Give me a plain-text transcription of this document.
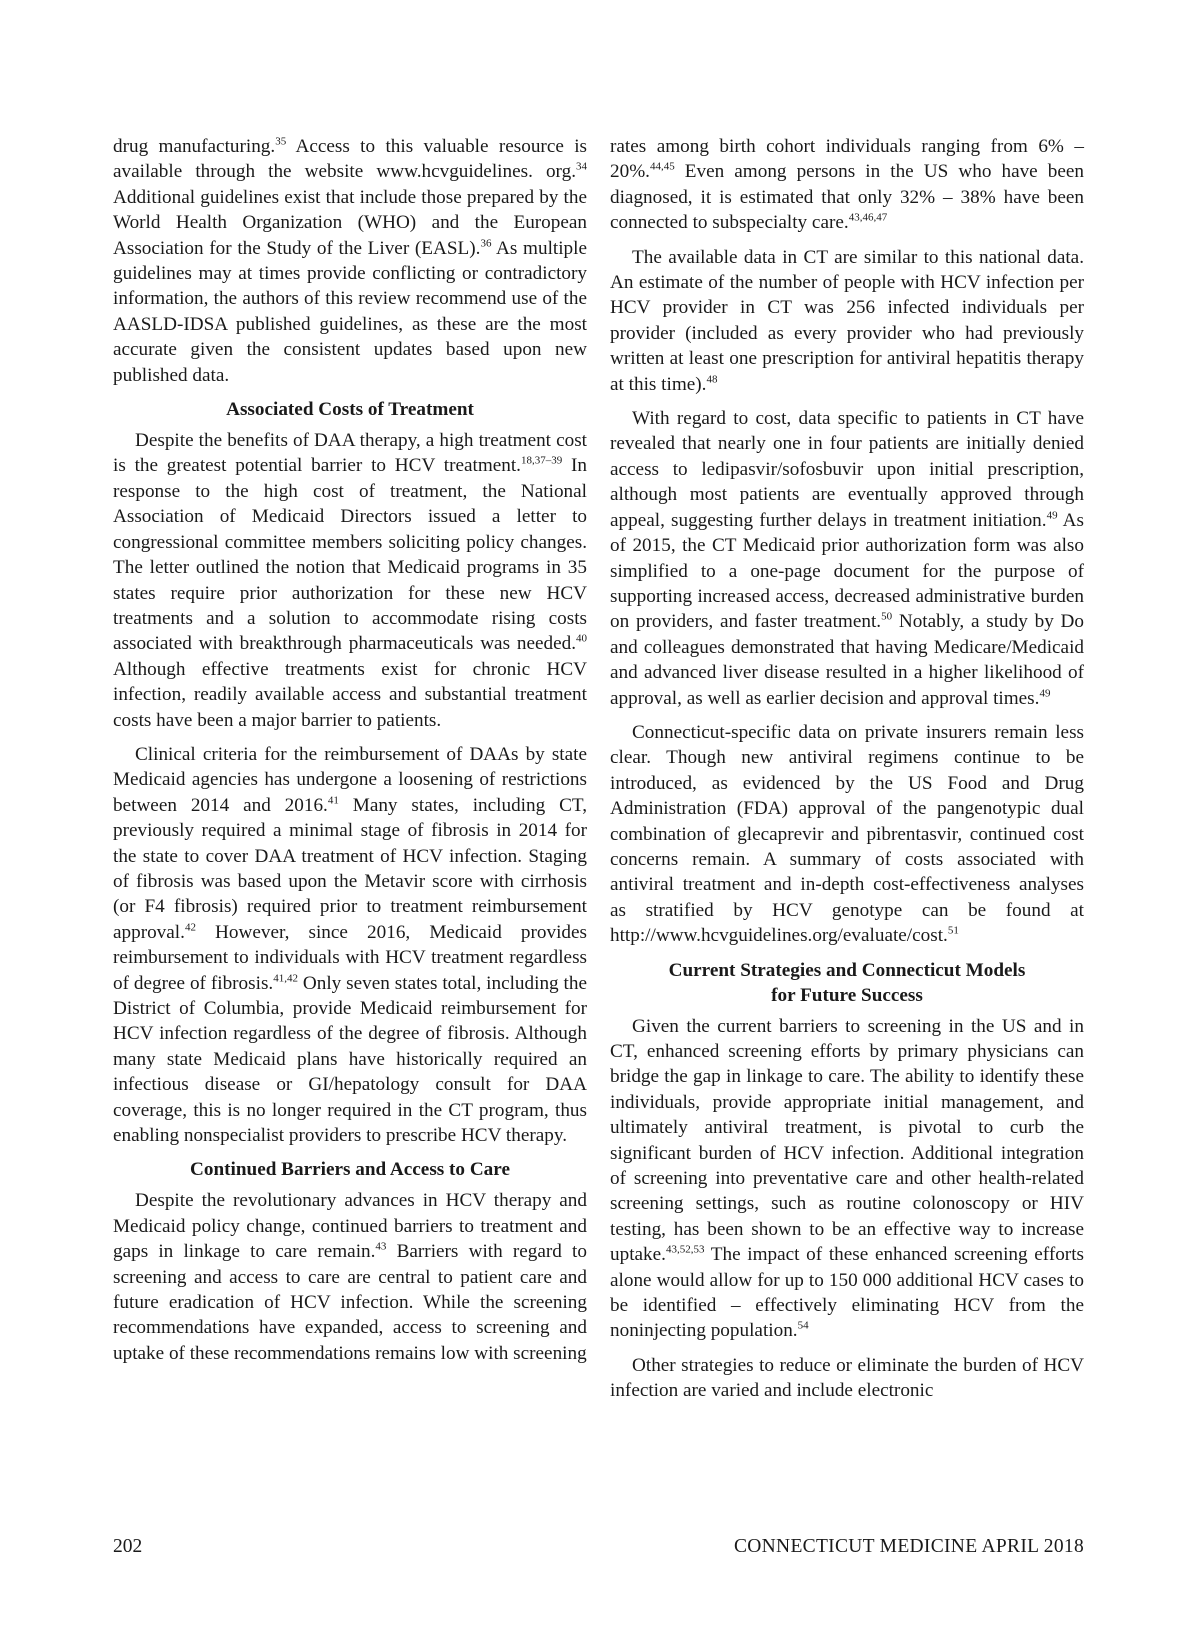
drug manufacturing.$^{35}$ Access to this valuable resource is available through the website www.hcvguidelines. org.$^{34}$ Additional guidelines exist that include those prepared by the World Health Organization (WHO) and the European Association for the Study of the Liver (EASL).$^{36}$ As multiple guidelines may at times provide conflicting or contradictory information, the authors of this review recommend use of the AASLD-IDSA published guidelines, as these are the most accurate given the consistent updates based upon new published data.

Associated Costs of Treatment

Despite the benefits of DAA therapy, a high treatment cost is the greatest potential barrier to HCV treatment.$^{18,37-39}$ In response to the high cost of treatment, the National Association of Medicaid Directors issued a letter to congressional committee members soliciting policy changes. The letter outlined the notion that Medicaid programs in 35 states require prior authorization for these new HCV treatments and a solution to accommodate rising costs associated with breakthrough pharmaceuticals was needed.$^{40}$ Although effective treatments exist for chronic HCV infection, readily available access and substantial treatment costs have been a major barrier to patients.

Clinical criteria for the reimbursement of DAAs by state Medicaid agencies has undergone a loosening of restrictions between 2014 and 2016.41 Many states, including CT, previously required a minimal stage of fibrosis in 2014 for the state to cover DAA treatment of HCV infection. Staging of fibrosis was based upon the Metavir score with cirrhosis (or F4 fibrosis) required prior to treatment reimbursement approval.$^{42}$ However, since 2016, Medicaid provides reimbursement to individuals with HCV treatment regardless of degree of fibrosis.$^{41,42}$ Only seven states total, including the District of Columbia, provide Medicaid reimbursement for HCV infection regardless of the degree of fibrosis. Although many state Medicaid plans have historically required an infectious disease or GI/hepatology consult for DAA coverage, this is no longer required in the CT program, thus enabling nonspecialist providers to prescribe HCV therapy.

Continued Barriers and Access to Care

Despite the revolutionary advances in HCV therapy and Medicaid policy change, continued barriers to treatment and gaps in linkage to care remain.$^{43}$ Barriers with regard to screening and access to care are central to patient care and future eradication of HCV infection. While the screening recommendations have expanded, access to screening and uptake of these recommendations remains low with screening

rates among birth cohort individuals ranging from 6% – 20%.$^{44,45}$ Even among persons in the US who have been diagnosed, it is estimated that only 32% – 38% have been connected to subspecialty care.$^{43,46,47}$

The available data in CT are similar to this national data. An estimate of the number of people with HCV infection per HCV provider in CT was 256 infected individuals per provider (included as every provider who had previously written at least one prescription for antiviral hepatitis therapy at this time).$^{48}$

With regard to cost, data specific to patients in CT have revealed that nearly one in four patients are initially denied access to ledipasvir/sofosbuvir upon initial prescription, although most patients are eventually approved through appeal, suggesting further delays in treatment initiation.$^{49}$ As of 2015, the CT Medicaid prior authorization form was also simplified to a one-page document for the purpose of supporting increased access, decreased administrative burden on providers, and faster treatment.$^{50}$ Notably, a study by Do and colleagues demonstrated that having Medicare/Medicaid and advanced liver disease resulted in a higher likelihood of approval, as well as earlier decision and approval times.$^{49}$

Connecticut-specific data on private insurers remain less clear. Though new antiviral regimens continue to be introduced, as evidenced by the US Food and Drug Administration (FDA) approval of the pangenotypic dual combination of glecaprevir and pibrentasvir, continued cost concerns remain. A summary of costs associated with antiviral treatment and in-depth cost-effectiveness analyses as stratified by HCV genotype can be found at http://www.hcvguidelines.org/evaluate/cost.$^{51}$

Current Strategies and Connecticut Models
for Future Success

Given the current barriers to screening in the US and in CT, enhanced screening efforts by primary physicians can bridge the gap in linkage to care. The ability to identify these individuals, provide appropriate initial management, and ultimately antiviral treatment, is pivotal to curb the significant burden of HCV infection. Additional integration of screening into preventative care and other health-related screening settings, such as routine colonoscopy or HIV testing, has been shown to be an effective way to increase uptake.$^{43,52,53}$ The impact of these enhanced screening efforts alone would allow for up to 150 000 additional HCV cases to be identified – effectively eliminating HCV from the noninjecting population.$^{54}$

Other strategies to reduce or eliminate the burden of HCV infection are varied and include electronic

202	CONNECTICUT MEDICINE APRIL 2018
